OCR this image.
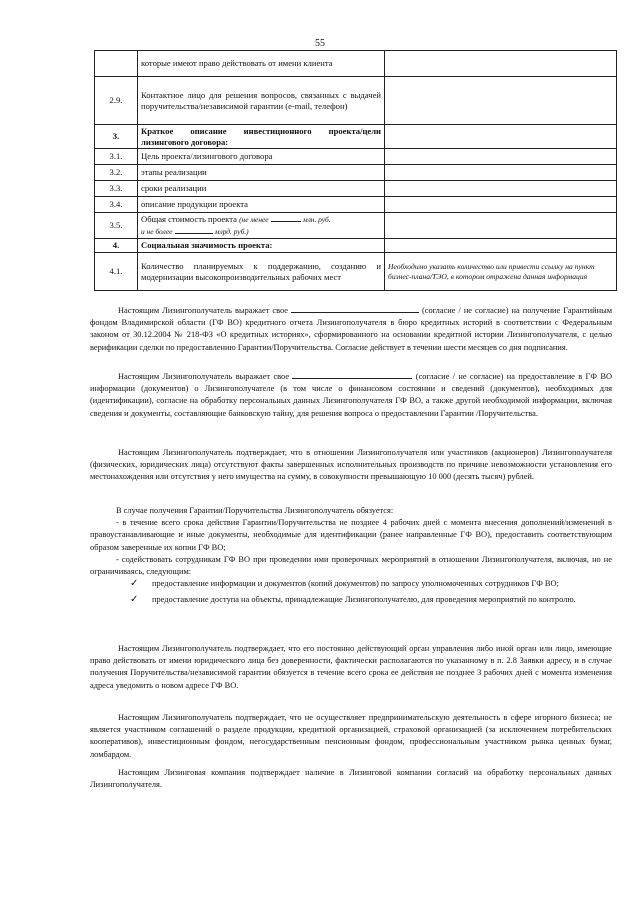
55
	которые имеют право действовать от имени клиента	
2.9.	Контактное лицо для решения вопросов, связанных с выдачей поручительства/независимой гарантии (e-mail, телефон)	
3.	Краткое описание инвестиционного проекта/цели лизингового договора:	
3.1.	Цель проекта/лизингового договора	
3.2.	этапы реализации	
3.3.	сроки реализации	
3.4.	описание продукции проекта	
3.5.	Общая стоимость проекта (не менее млн. руб.
и не более млрд. руб.)	
4.	Социальная значимость проекта:	
4.1.	Количество планируемых к поддержанию, созданию и модернизации высокопроизводительных рабочих мест	Необходимо указать количество или привести ссылку на пункт бизнес-плана/ТЭО, в котором отражена данная информация

Настоящим Лизингополучатель выражает свое	(согласие / не согласие) на получение Гарантийным фондом Владимирской области (ГФ ВО) кредитного отчета Лизингополучателя в бюро кредитных историй в соответствии с Федеральным законом от 30.12.2004 № 218-ФЗ «О кредитных историях», сформированного на основании кредитной истории Лизингополучателя, с целью верификации сделки по предоставлению Гарантии/Поручительства. Согласие действует в течении шести месяцев со дня подписания.

Настоящим Лизингополучатель выражает свое	(согласие / не согласие) на предоставление в ГФ ВО информации (документов) о Лизингополучателе (в том числе о финансовом состоянии и сведений (документов), необходимых для (идентификации), согласие на обработку персональных данных Лизингополучателя ГФ ВО, а также другой необходимой информации, включая сведения и документы, составляющие банковскую тайну, для решения вопроса о предоставлении Гарантии /Поручительства.

Настоящим Лизингополучатель подтверждает, что в отношении Лизингополучателя или участников (акционеров) Лизингополучателя (физических, юридических лица) отсутствуют факты завершенных исполнительных производств по причине невозможности установления его местонахождения или отсутствия у него имущества на сумму, в совокупности превышающую 10 000 (десять тысяч) рублей.

В случае получения Гарантии/Поручительства Лизингополучатель обязуется:

- в течение всего срока действия Гарантии/Поручительства не позднее 4 рабочих дней с момента внесения дополнений/изменений в правоустанавливающие и иные документы, необходимые для идентификации (ранее направленные ГФ ВО), предоставить соответствующим образом заверенные их копии ГФ ВО;

- содействовать сотрудникам ГФ ВО при проведении ими проверочных мероприятий в отношении Лизингополучателя, включая, но не ограничиваясь, следующим:

✓ предоставление информации и документов (копий документов) по запросу уполномоченных сотрудников ГФ ВО;
✓ предоставление доступа на объекты, принадлежащие Лизингополучателю, для проведения мероприятий по контролю.

Настоящим Лизингополучатель подтверждает, что его постоянно действующий орган управления либо иной орган или лицо, имеющие право действовать от имени юридического лица без доверенности, фактически располагаются по указанному в п. 2.8 Заявки адресу, и в случае получения Поручительства/независимой гарантии обязуется в течение всего срока ее действия не позднее 3 рабочих дней с момента изменения адреса уведомить о новом адресе ГФ ВО.

Настоящим Лизингополучатель подтверждает, что не осуществляет предпринимательскую деятельность в сфере игорного бизнеса; не является участником соглашений о разделе продукции, кредитной организацией, страховой организацией (за исключением потребительских кооперативов), инвестиционным фондом, негосударственным пенсионным фондом, профессиональным участником рынка ценных бумаг, ломбардом.

Настоящим Лизинговая компания подтверждает наличие в Лизинговой компании согласий на обработку персональных данных Лизингополучателя.
